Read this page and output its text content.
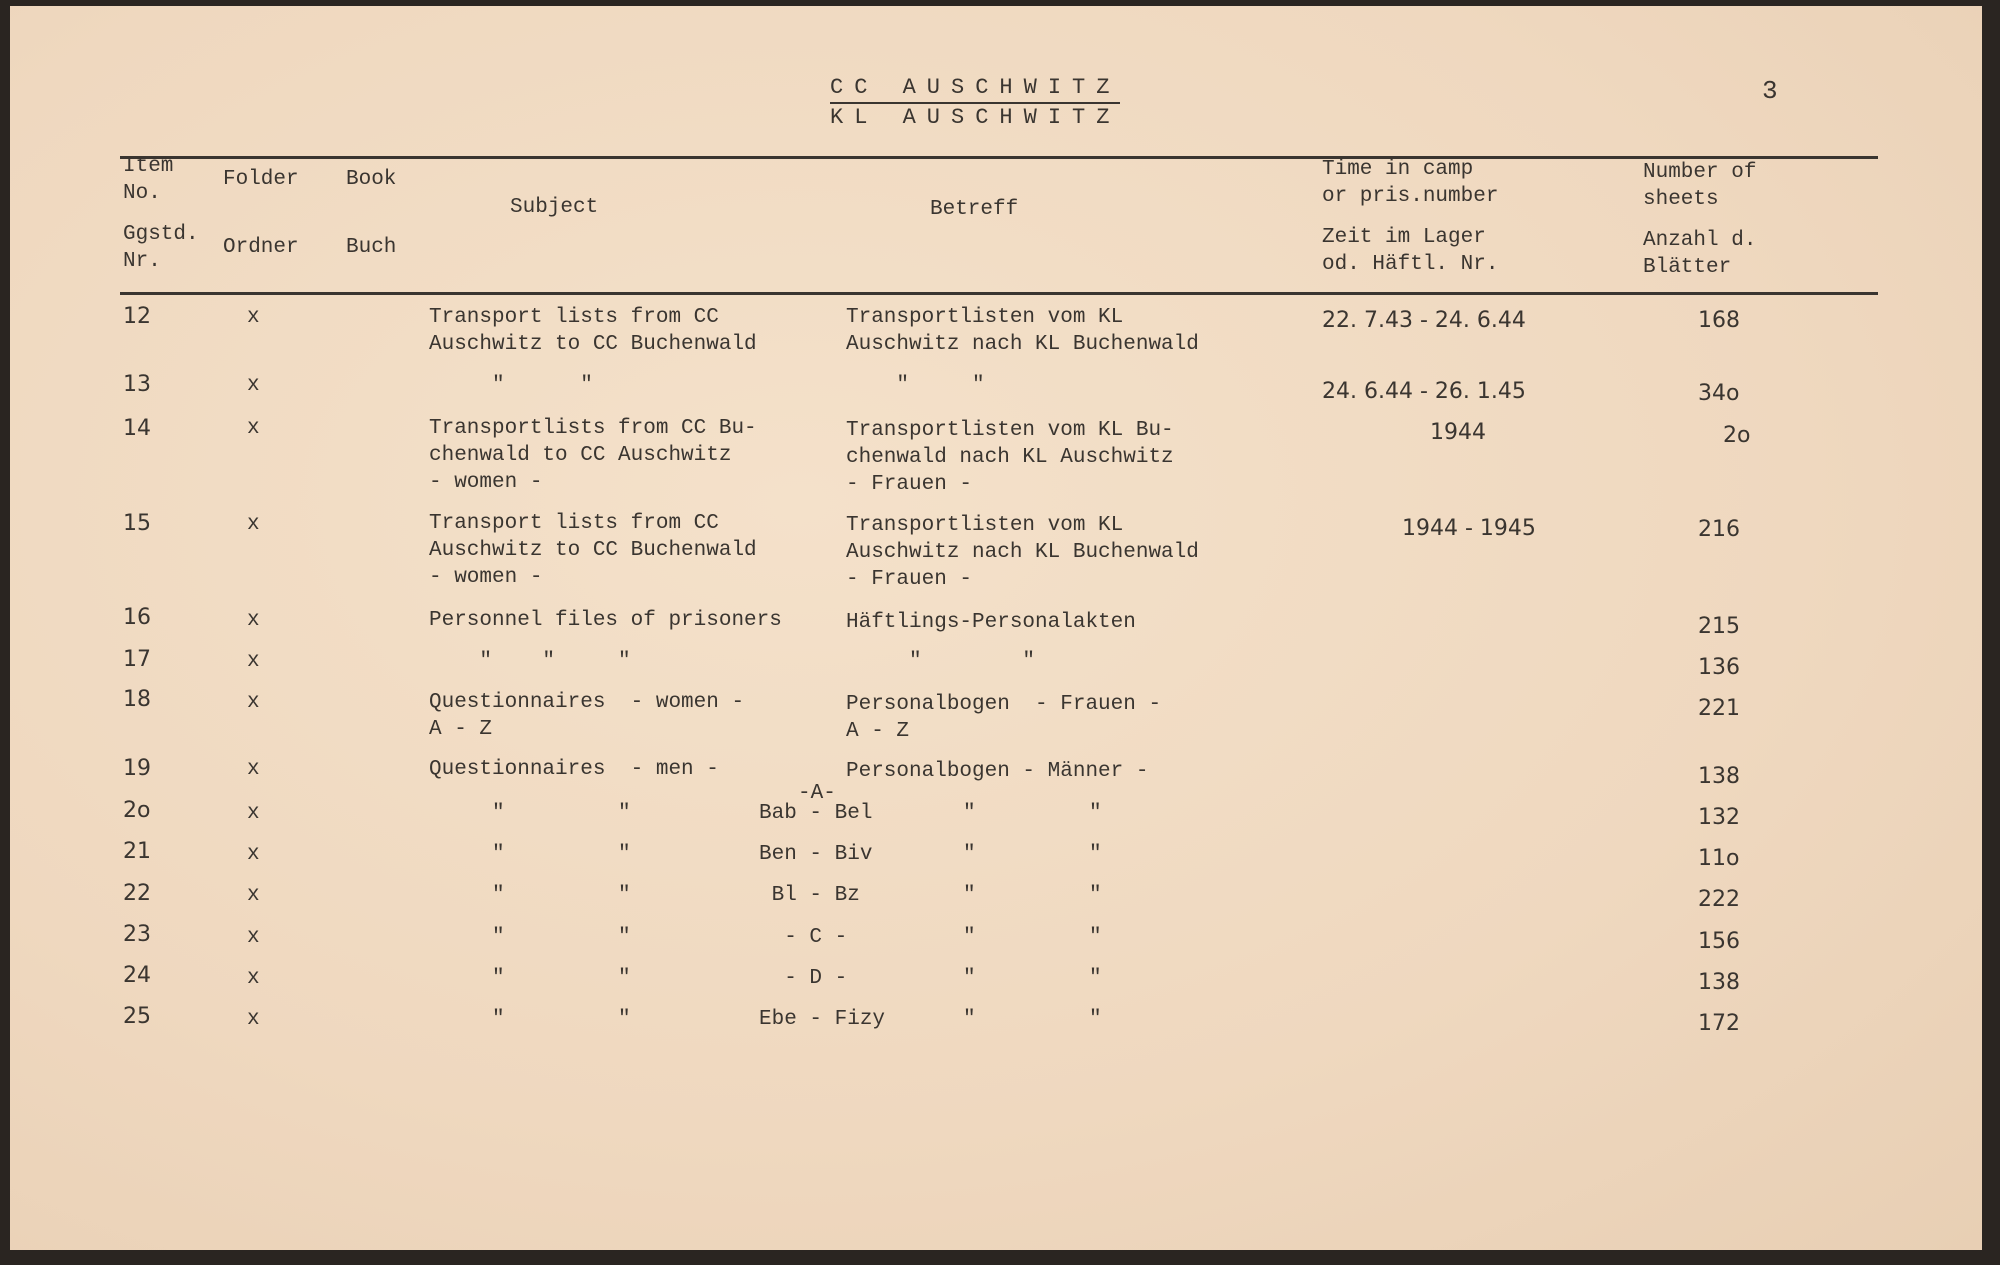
CC AUSCHWITZ
KL AUSCHWITZ
3
Item
No.
Ggstd.
Nr.
Folder
Ordner
Book
Buch
Subject	Betreff
Time in camp
or pris.number
Zeit im Lager
od. Häftl. Nr.
Number of
sheets
Anzahl d.
Blätter
12	x	Transport lists from CC
Auschwitz to CC Buchenwald
Transportlisten vom KL
Auschwitz nach KL Buchenwald
22. 7.43 - 24. 6.44	168
13	x	"      "	"     "	24. 6.44 - 26. 1.45	34o
14	x	Transportlists from CC Bu-
chenwald to CC Auschwitz
- women -
Transportlisten vom KL Bu-
chenwald nach KL Auschwitz
- Frauen -
1944	2o
15	x	Transport lists from CC
Auschwitz to CC Buchenwald
- women -
Transportlisten vom KL
Auschwitz nach KL Buchenwald
- Frauen -
1944 - 1945	216
16	x	Personnel files of prisoners	Häftlings-Personalakten	215
17	x	"    "     "	"        "	136
18	x	Questionnaires  - women -
A - Z
Personalbogen  - Frauen -
A - Z
221
19	x	Questionnaires  - men -	Personalbogen - Männer -	138
-A-
2o	x	"         "	Bab - Bel "         "	132
21	x	"         "	Ben - Biv "         "	11o
22	x	"         "	Bl - Bz "         "	222
23	x	"         "	- C -	"         "	156
24	x	"         "	- D -	"         "	138
25	x	"         "	Ebe - Fizy "         "	172
